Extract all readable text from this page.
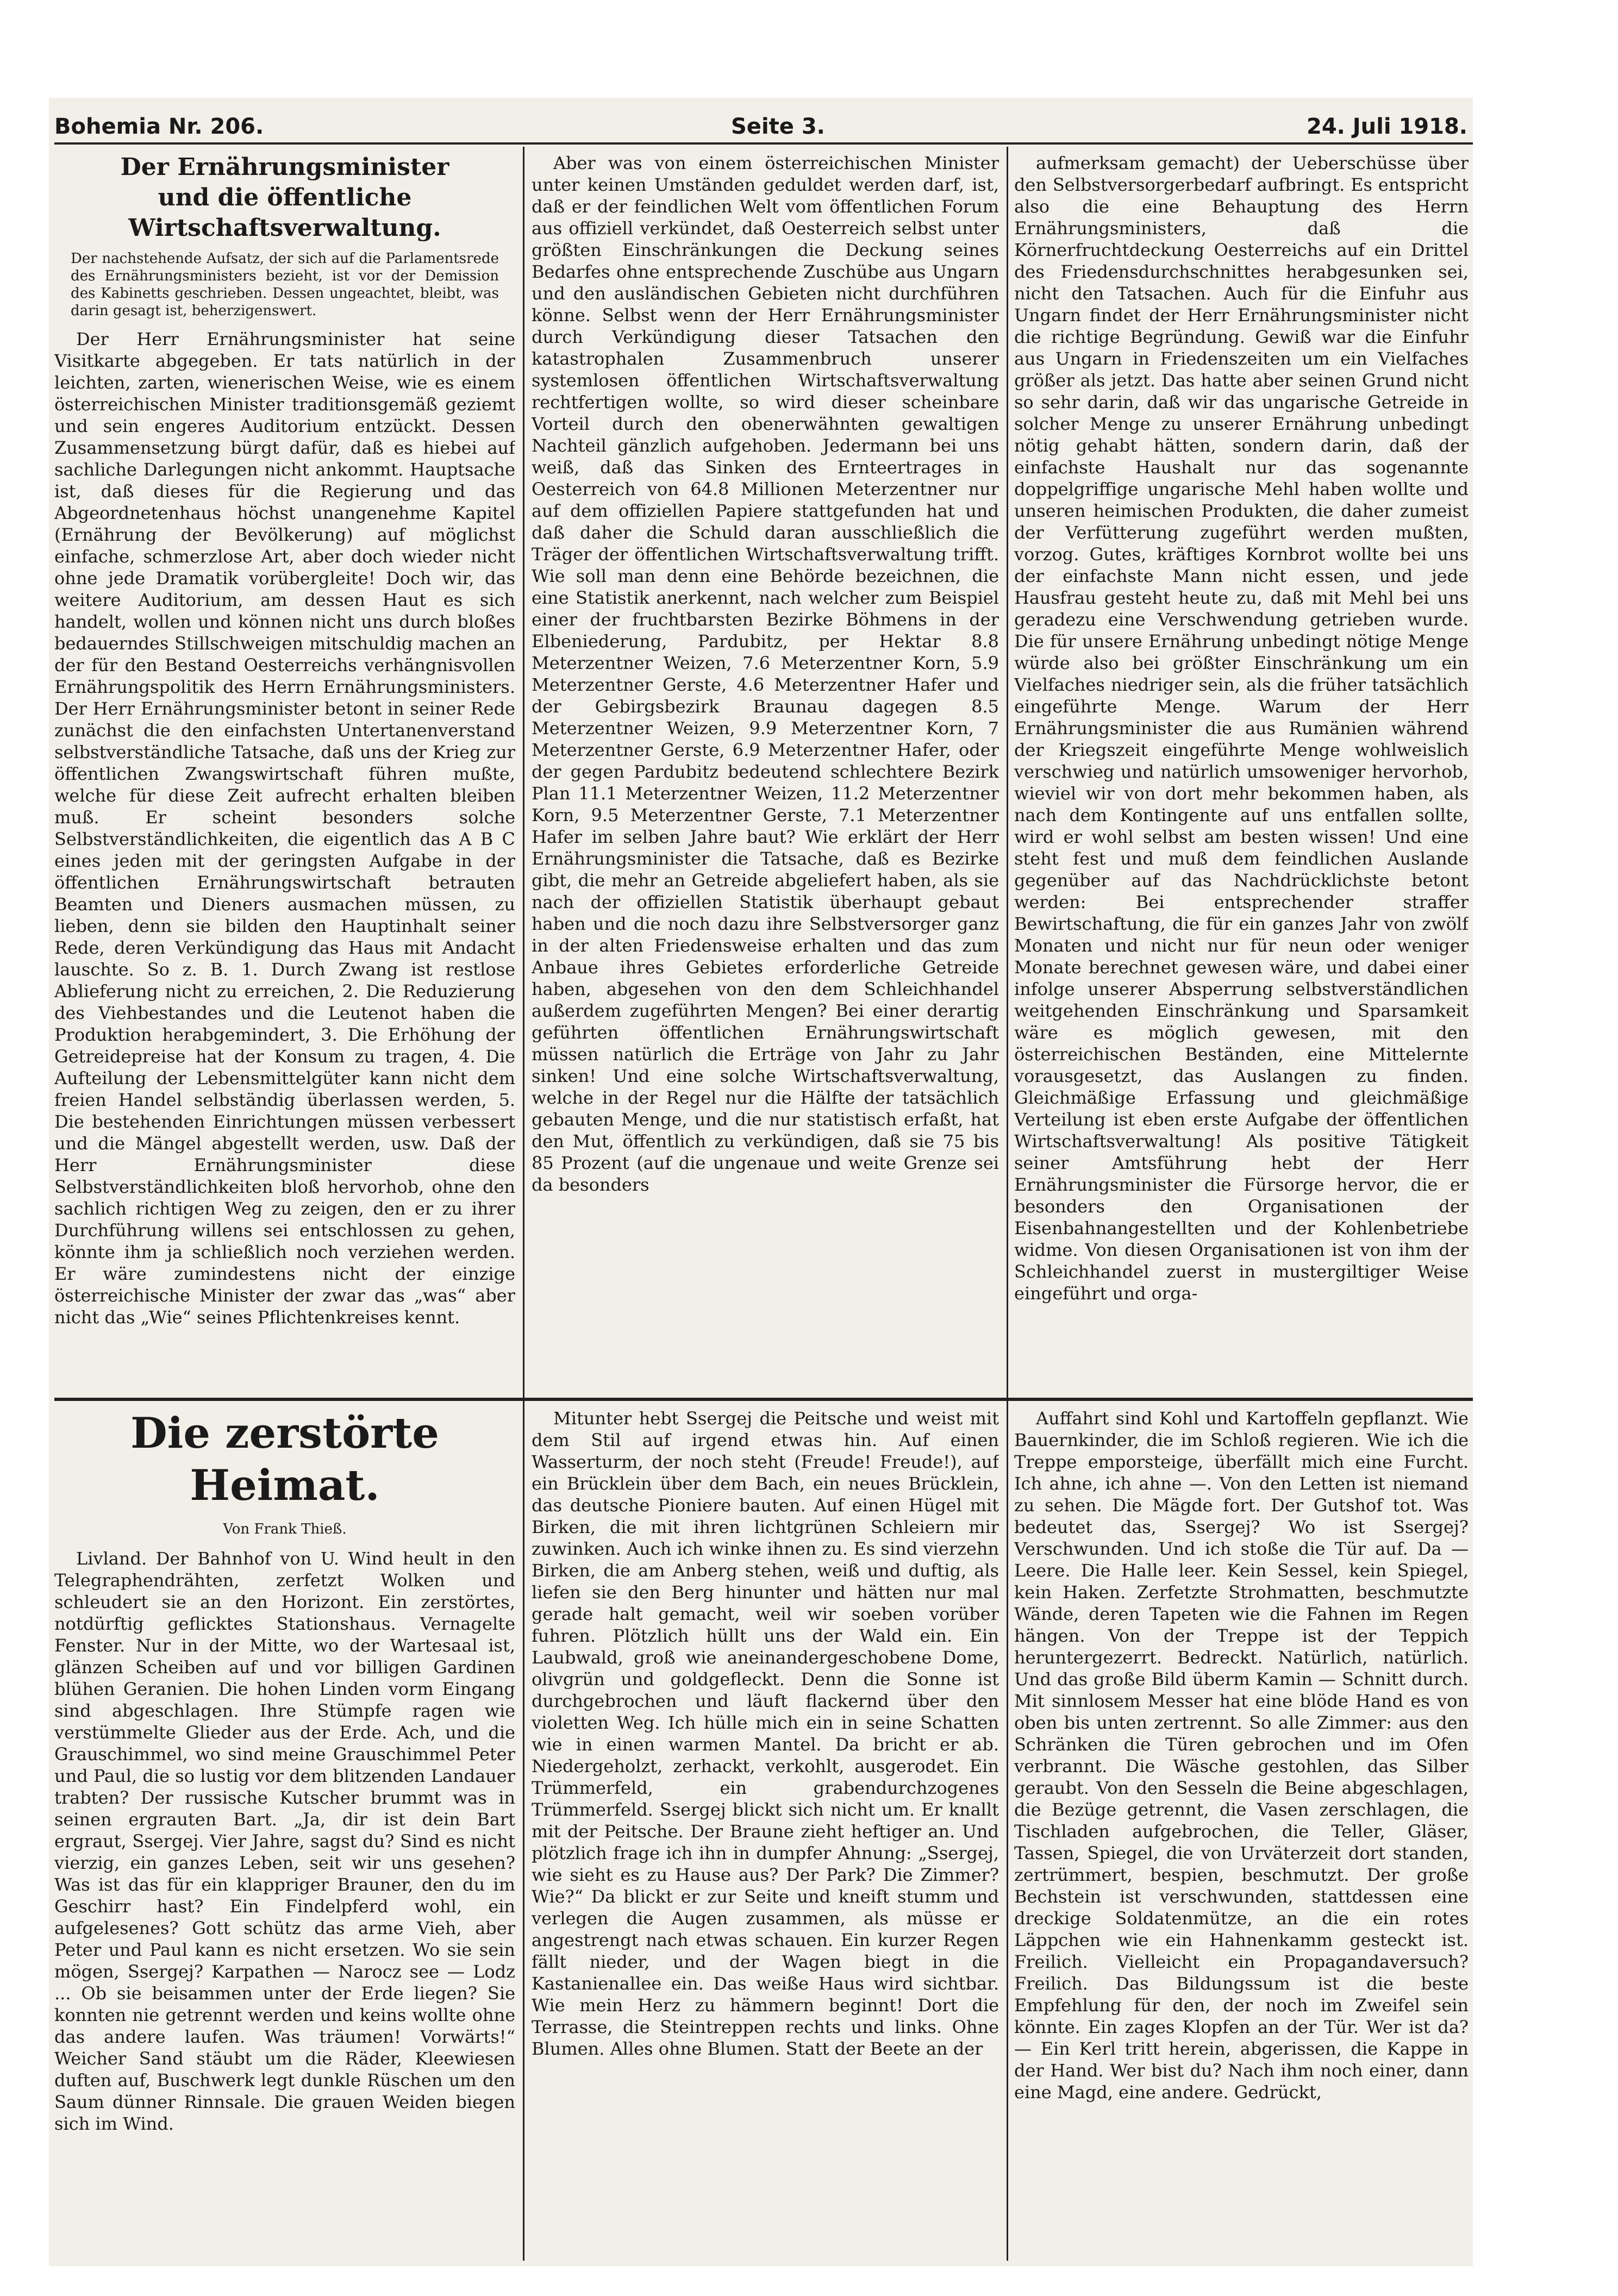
Bohemia Nr. 206.	Seite 3.	24. Juli 1918.
Der Ernährungsminister
und die öffentliche Wirtschaftsverwaltung.
Der nachstehende Aufsatz, der sich auf die Parlamentsrede des Ernährungsministers bezieht, ist vor der Demission des Kabinetts geschrieben. Dessen ungeachtet, bleibt, was darin gesagt ist, beherzigenswert.

Der Herr Ernährungsminister hat seine Visitkarte abgegeben. Er tats natürlich in der leichten, zarten, wienerischen Weise, wie es einem österreichischen Minister traditionsgemäß geziemt und sein engeres Auditorium entzückt. Dessen Zusammensetzung bürgt dafür, daß es hiebei auf sachliche Darlegungen nicht ankommt. Hauptsache ist, daß dieses für die Regierung und das Abgeordnetenhaus höchst unangenehme Kapitel (Ernährung der Bevölkerung) auf möglichst einfache, schmerzlose Art, aber doch wieder nicht ohne jede Dramatik vorübergleite! Doch wir, das weitere Auditorium, am dessen Haut es sich handelt, wollen und können nicht uns durch bloßes bedauerndes Stillschweigen mitschuldig machen an der für den Bestand Oesterreichs verhängnisvollen Ernährungspolitik des Herrn Ernährungsministers. Der Herr Ernährungsminister betont in seiner Rede zunächst die den einfachsten Untertanenverstand selbstverständliche Tatsache, daß uns der Krieg zur öffentlichen Zwangswirtschaft führen mußte, welche für diese Zeit aufrecht erhalten bleiben muß. Er scheint besonders solche Selbstverständlichkeiten, die eigentlich das A B C eines jeden mit der geringsten Aufgabe in der öffentlichen Ernährungswirtschaft betrauten Beamten und Dieners ausmachen müssen, zu lieben, denn sie bilden den Hauptinhalt seiner Rede, deren Verkündigung das Haus mit Andacht lauschte. So z. B. 1. Durch Zwang ist restlose Ablieferung nicht zu erreichen, 2. Die Reduzierung des Viehbestandes und die Leutenot haben die Produktion herabgemindert, 3. Die Erhöhung der Getreidepreise hat der Konsum zu tragen, 4. Die Aufteilung der Lebensmittelgüter kann nicht dem freien Handel selbständig überlassen werden, 5. Die bestehenden Einrichtungen müssen verbessert und die Mängel abgestellt werden, usw. Daß der Herr Ernährungsminister diese Selbstverständlichkeiten bloß hervorhob, ohne den sachlich richtigen Weg zu zeigen, den er zu ihrer Durchführung willens sei entschlossen zu gehen, könnte ihm ja schließlich noch verziehen werden. Er wäre zumindestens nicht der einzige österreichische Minister der zwar das „was“ aber nicht das „Wie“ seines Pflichtenkreises kennt.

Aber was von einem österreichischen Minister unter keinen Umständen geduldet werden darf, ist, daß er der feindlichen Welt vom öffentlichen Forum aus offiziell verkündet, daß Oesterreich selbst unter größten Einschränkungen die Deckung seines Bedarfes ohne entsprechende Zuschübe aus Ungarn und den ausländischen Gebieten nicht durchführen könne. Selbst wenn der Herr Ernährungsminister durch Verkündigung dieser Tatsachen den katastrophalen Zusammenbruch unserer systemlosen öffentlichen Wirtschaftsverwaltung rechtfertigen wollte, so wird dieser scheinbare Vorteil durch den obenerwähnten gewaltigen Nachteil gänzlich aufgehoben. Jedermann bei uns weiß, daß das Sinken des Ernteertrages in Oesterreich von 64.8 Millionen Meterzentner nur auf dem offiziellen Papiere stattgefunden hat und daß daher die Schuld daran ausschließlich die Träger der öffentlichen Wirtschaftsverwaltung trifft. Wie soll man denn eine Behörde bezeichnen, die eine Statistik anerkennt, nach welcher zum Beispiel einer der fruchtbarsten Bezirke Böhmens in der Elbeniederung, Pardubitz, per Hektar 8.8 Meterzentner Weizen, 7.6 Meterzentner Korn, 5.9 Meterzentner Gerste, 4.6 Meterzentner Hafer und der Gebirgsbezirk Braunau dagegen 8.5 Meterzentner Weizen, 9.9 Meterzentner Korn, 7 Meterzentner Gerste, 6.9 Meterzentner Hafer, oder der gegen Pardubitz bedeutend schlechtere Bezirk Plan 11.1 Meterzentner Weizen, 11.2 Meterzentner Korn, 9.5 Meterzentner Gerste, 7.1 Meterzentner Hafer im selben Jahre baut? Wie erklärt der Herr Ernährungsminister die Tatsache, daß es Bezirke gibt, die mehr an Getreide abgeliefert haben, als sie nach der offiziellen Statistik überhaupt gebaut haben und die noch dazu ihre Selbstversorger ganz in der alten Friedensweise erhalten und das zum Anbaue ihres Gebietes erforderliche Getreide haben, abgesehen von den dem Schleichhandel außerdem zugeführten Mengen? Bei einer derartig geführten öffentlichen Ernährungswirtschaft müssen natürlich die Erträge von Jahr zu Jahr sinken! Und eine solche Wirtschaftsverwaltung, welche in der Regel nur die Hälfte der tatsächlich gebauten Menge, und die nur statistisch erfaßt, hat den Mut, öffentlich zu verkündigen, daß sie 75 bis 85 Prozent (auf die ungenaue und weite Grenze sei da besonders

aufmerksam gemacht) der Ueberschüsse über den Selbstversorgerbedarf aufbringt. Es entspricht also die eine Behauptung des Herrn Ernährungsministers, daß die Körnerfruchtdeckung Oesterreichs auf ein Drittel des Friedensdurchschnittes herabgesunken sei, nicht den Tatsachen. Auch für die Einfuhr aus Ungarn findet der Herr Ernährungsminister nicht die richtige Begründung. Gewiß war die Einfuhr aus Ungarn in Friedenszeiten um ein Vielfaches größer als jetzt. Das hatte aber seinen Grund nicht so sehr darin, daß wir das ungarische Getreide in solcher Menge zu unserer Ernährung unbedingt nötig gehabt hätten, sondern darin, daß der einfachste Haushalt nur das sogenannte doppelgriffige ungarische Mehl haben wollte und unseren heimischen Produkten, die daher zumeist der Verfütterung zugeführt werden mußten, vorzog. Gutes, kräftiges Kornbrot wollte bei uns der einfachste Mann nicht essen, und jede Hausfrau gesteht heute zu, daß mit Mehl bei uns geradezu eine Verschwendung getrieben wurde. Die für unsere Ernährung unbedingt nötige Menge würde also bei größter Einschränkung um ein Vielfaches niedriger sein, als die früher tatsächlich eingeführte Menge. Warum der Herr Ernährungsminister die aus Rumänien während der Kriegszeit eingeführte Menge wohlweislich verschwieg und natürlich umsoweniger hervorhob, wieviel wir von dort mehr bekommen haben, als nach dem Kontingente auf uns entfallen sollte, wird er wohl selbst am besten wissen! Und eine steht fest und muß dem feindlichen Auslande gegenüber auf das Nachdrücklichste betont werden: Bei entsprechender straffer Bewirtschaftung, die für ein ganzes Jahr von zwölf Monaten und nicht nur für neun oder weniger Monate berechnet gewesen wäre, und dabei einer infolge unserer Absperrung selbstverständlichen weitgehenden Einschränkung und Sparsamkeit wäre es möglich gewesen, mit den österreichischen Beständen, eine Mittelernte vorausgesetzt, das Auslangen zu finden. Gleichmäßige Erfassung und gleichmäßige Verteilung ist eben erste Aufgabe der öffentlichen Wirtschaftsverwaltung! Als positive Tätigkeit seiner Amtsführung hebt der Herr Ernährungsminister die Fürsorge hervor, die er besonders den Organisationen der Eisenbahnangestellten und der Kohlenbetriebe widme. Von diesen Organisationen ist von ihm der Schleichhandel zuerst in mustergiltiger Weise eingeführt und orga-

Die zerstörte Heimat.
Von Frank Thieß.

Livland. Der Bahnhof von U. Wind heult in den Telegraphendrähten, zerfetzt Wolken und schleudert sie an den Horizont. Ein zerstörtes, notdürftig geflicktes Stationshaus. Vernagelte Fenster. Nur in der Mitte, wo der Wartesaal ist, glänzen Scheiben auf und vor billigen Gardinen blühen Geranien. Die hohen Linden vorm Eingang sind abgeschlagen. Ihre Stümpfe ragen wie verstümmelte Glieder aus der Erde. Ach, und die Grauschimmel, wo sind meine Grauschimmel Peter und Paul, die so lustig vor dem blitzenden Landauer trabten? Der russische Kutscher brummt was in seinen ergrauten Bart. „Ja, dir ist dein Bart ergraut, Ssergej. Vier Jahre, sagst du? Sind es nicht vierzig, ein ganzes Leben, seit wir uns gesehen? Was ist das für ein klappriger Brauner, den du im Geschirr hast? Ein Findelpferd wohl, ein aufgelesenes? Gott schütz das arme Vieh, aber Peter und Paul kann es nicht ersetzen. Wo sie sein mögen, Ssergej? Karpathen — Narocz see — Lodz ... Ob sie beisammen unter der Erde liegen? Sie konnten nie getrennt werden und keins wollte ohne das andere laufen. Was träumen! Vorwärts!“ Weicher Sand stäubt um die Räder, Kleewiesen duften auf, Buschwerk legt dunkle Rüschen um den Saum dünner Rinnsale. Die grauen Weiden biegen sich im Wind.

Mitunter hebt Ssergej die Peitsche und weist mit dem Stil auf irgend etwas hin. Auf einen Wasserturm, der noch steht (Freude! Freude!), auf ein Brücklein über dem Bach, ein neues Brücklein, das deutsche Pioniere bauten. Auf einen Hügel mit Birken, die mit ihren lichtgrünen Schleiern mir zuwinken. Auch ich winke ihnen zu. Es sind vierzehn Birken, die am Anberg stehen, weiß und duftig, als liefen sie den Berg hinunter und hätten nur mal gerade halt gemacht, weil wir soeben vorüber fuhren. Plötzlich hüllt uns der Wald ein. Ein Laubwald, groß wie aneinandergeschobene Dome, olivgrün und goldgefleckt. Denn die Sonne ist durchgebrochen und läuft flackernd über den violetten Weg. Ich hülle mich ein in seine Schatten wie in einen warmen Mantel. Da bricht er ab. Niedergeholzt, zerhackt, verkohlt, ausgerodet. Ein Trümmerfeld, ein grabendurchzogenes Trümmerfeld. Ssergej blickt sich nicht um. Er knallt mit der Peitsche. Der Braune zieht heftiger an. Und plötzlich frage ich ihn in dumpfer Ahnung: „Ssergej, wie sieht es zu Hause aus? Der Park? Die Zimmer? Wie?“ Da blickt er zur Seite und kneift stumm und verlegen die Augen zusammen, als müsse er angestrengt nach etwas schauen. Ein kurzer Regen fällt nieder, und der Wagen biegt in die Kastanienallee ein. Das weiße Haus wird sichtbar. Wie mein Herz zu hämmern beginnt! Dort die Terrasse, die Steintreppen rechts und links. Ohne Blumen. Alles ohne Blumen. Statt der Beete an der

Auffahrt sind Kohl und Kartoffeln gepflanzt. Wie Bauernkinder, die im Schloß regieren. Wie ich die Treppe emporsteige, überfällt mich eine Furcht. Ich ahne, ich ahne —. Von den Letten ist niemand zu sehen. Die Mägde fort. Der Gutshof tot. Was bedeutet das, Ssergej? Wo ist Ssergej? Verschwunden. Und ich stoße die Tür auf. Da — Leere. Die Halle leer. Kein Sessel, kein Spiegel, kein Haken. Zerfetzte Strohmatten, beschmutzte Wände, deren Tapeten wie die Fahnen im Regen hängen. Von der Treppe ist der Teppich heruntergezerrt. Bedreckt. Natürlich, natürlich. Und das große Bild überm Kamin — Schnitt durch. Mit sinnlosem Messer hat eine blöde Hand es von oben bis unten zertrennt. So alle Zimmer: aus den Schränken die Türen gebrochen und im Ofen verbrannt. Die Wäsche gestohlen, das Silber geraubt. Von den Sesseln die Beine abgeschlagen, die Bezüge getrennt, die Vasen zerschlagen, die Tischladen aufgebrochen, die Teller, Gläser, Tassen, Spiegel, die von Urväterzeit dort standen, zertrümmert, bespien, beschmutzt. Der große Bechstein ist verschwunden, stattdessen eine dreckige Soldatenmütze, an die ein rotes Läppchen wie ein Hahnenkamm gesteckt ist. Freilich. Vielleicht ein Propagandaversuch? Freilich. Das Bildungssum ist die beste Empfehlung für den, der noch im Zweifel sein könnte. Ein zages Klopfen an der Tür. Wer ist da? — Ein Kerl tritt herein, abgerissen, die Kappe in der Hand. Wer bist du? Nach ihm noch einer, dann eine Magd, eine andere. Gedrückt,
